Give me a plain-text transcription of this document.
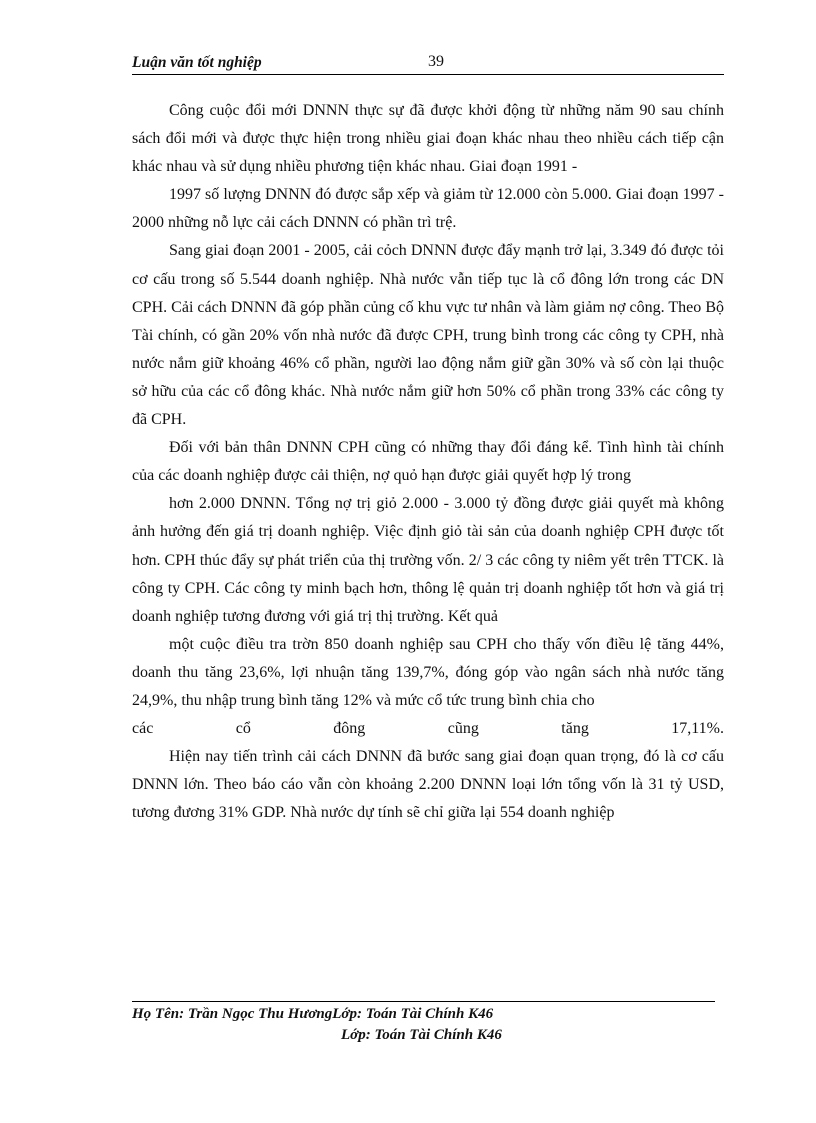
Luận văn tốt nghiệp	39

Công cuộc đổi mới DNNN thực sự đã được khởi động từ những năm 90 sau chính sách đổi mới và được thực hiện trong nhiều giai đoạn khác nhau theo nhiều cách tiếp cận khác nhau và sử dụng nhiều phương tiện khác nhau. Giai đoạn 1991 -

1997 số lượng DNNN đó được sắp xếp và giảm từ 12.000 còn 5.000. Giai đoạn 1997 - 2000 những nỗ lực cải cách DNNN có phần trì trệ.

Sang giai đoạn 2001 - 2005, cải cỏch DNNN được đẩy mạnh trở lại, 3.349 đó được tỏi cơ cấu trong số 5.544 doanh nghiệp. Nhà nước vẫn tiếp tục là cổ đông lớn trong các DN CPH. Cải cách DNNN đã góp phần củng cố khu vực tư nhân và làm giảm nợ công. Theo Bộ Tài chính, có gần 20% vốn nhà nước đã được CPH, trung bình trong các công ty CPH, nhà nước nắm giữ khoảng 46% cổ phần, người lao động nắm giữ gần 30% và số còn lại thuộc sở hữu của các cổ đông khác. Nhà nước nắm giữ hơn 50% cổ phần trong 33% các công ty đã CPH.

Đối với bản thân DNNN CPH cũng có những thay đổi đáng kể. Tình hình tài chính của các doanh nghiệp được cải thiện, nợ quỏ hạn được giải quyết hợp lý trong

hơn 2.000 DNNN. Tổng nợ trị giỏ 2.000 - 3.000 tỷ đồng được giải quyết mà không ảnh hưởng đến giá trị doanh nghiệp. Việc định giỏ tài sản của doanh nghiệp CPH được tốt hơn. CPH thúc đẩy sự phát triển của thị trường vốn. 2/ 3 các công ty niêm yết trên TTCK. là công ty CPH. Các công ty minh bạch hơn, thông lệ quản trị doanh nghiệp tốt hơn và giá trị doanh nghiệp tương đương với giá trị thị trường. Kết quả

một cuộc điều tra trờn 850 doanh nghiệp sau CPH cho thấy vốn điều lệ tăng 44%, doanh thu tăng 23,6%, lợi nhuận tăng 139,7%, đóng góp vào ngân sách nhà nước tăng 24,9%, thu nhập trung bình tăng 12% và mức cổ tức trung bình chia cho

các	cổ	đông	cũng	tăng	17,11%.

Hiện nay tiến trình cải cách DNNN đã bước sang giai đoạn quan trọng, đó là cơ cấu DNNN lớn. Theo báo cáo vẫn còn khoảng 2.200 DNNN loại lớn tổng vốn là 31 tỷ USD, tương đương 31% GDP. Nhà nước dự tính sẽ chỉ giữa lại 554 doanh nghiệp

Họ Tên: Trần Ngọc Thu HươngLớp: Toán Tài Chính K46
Lớp: Toán Tài Chính K46
